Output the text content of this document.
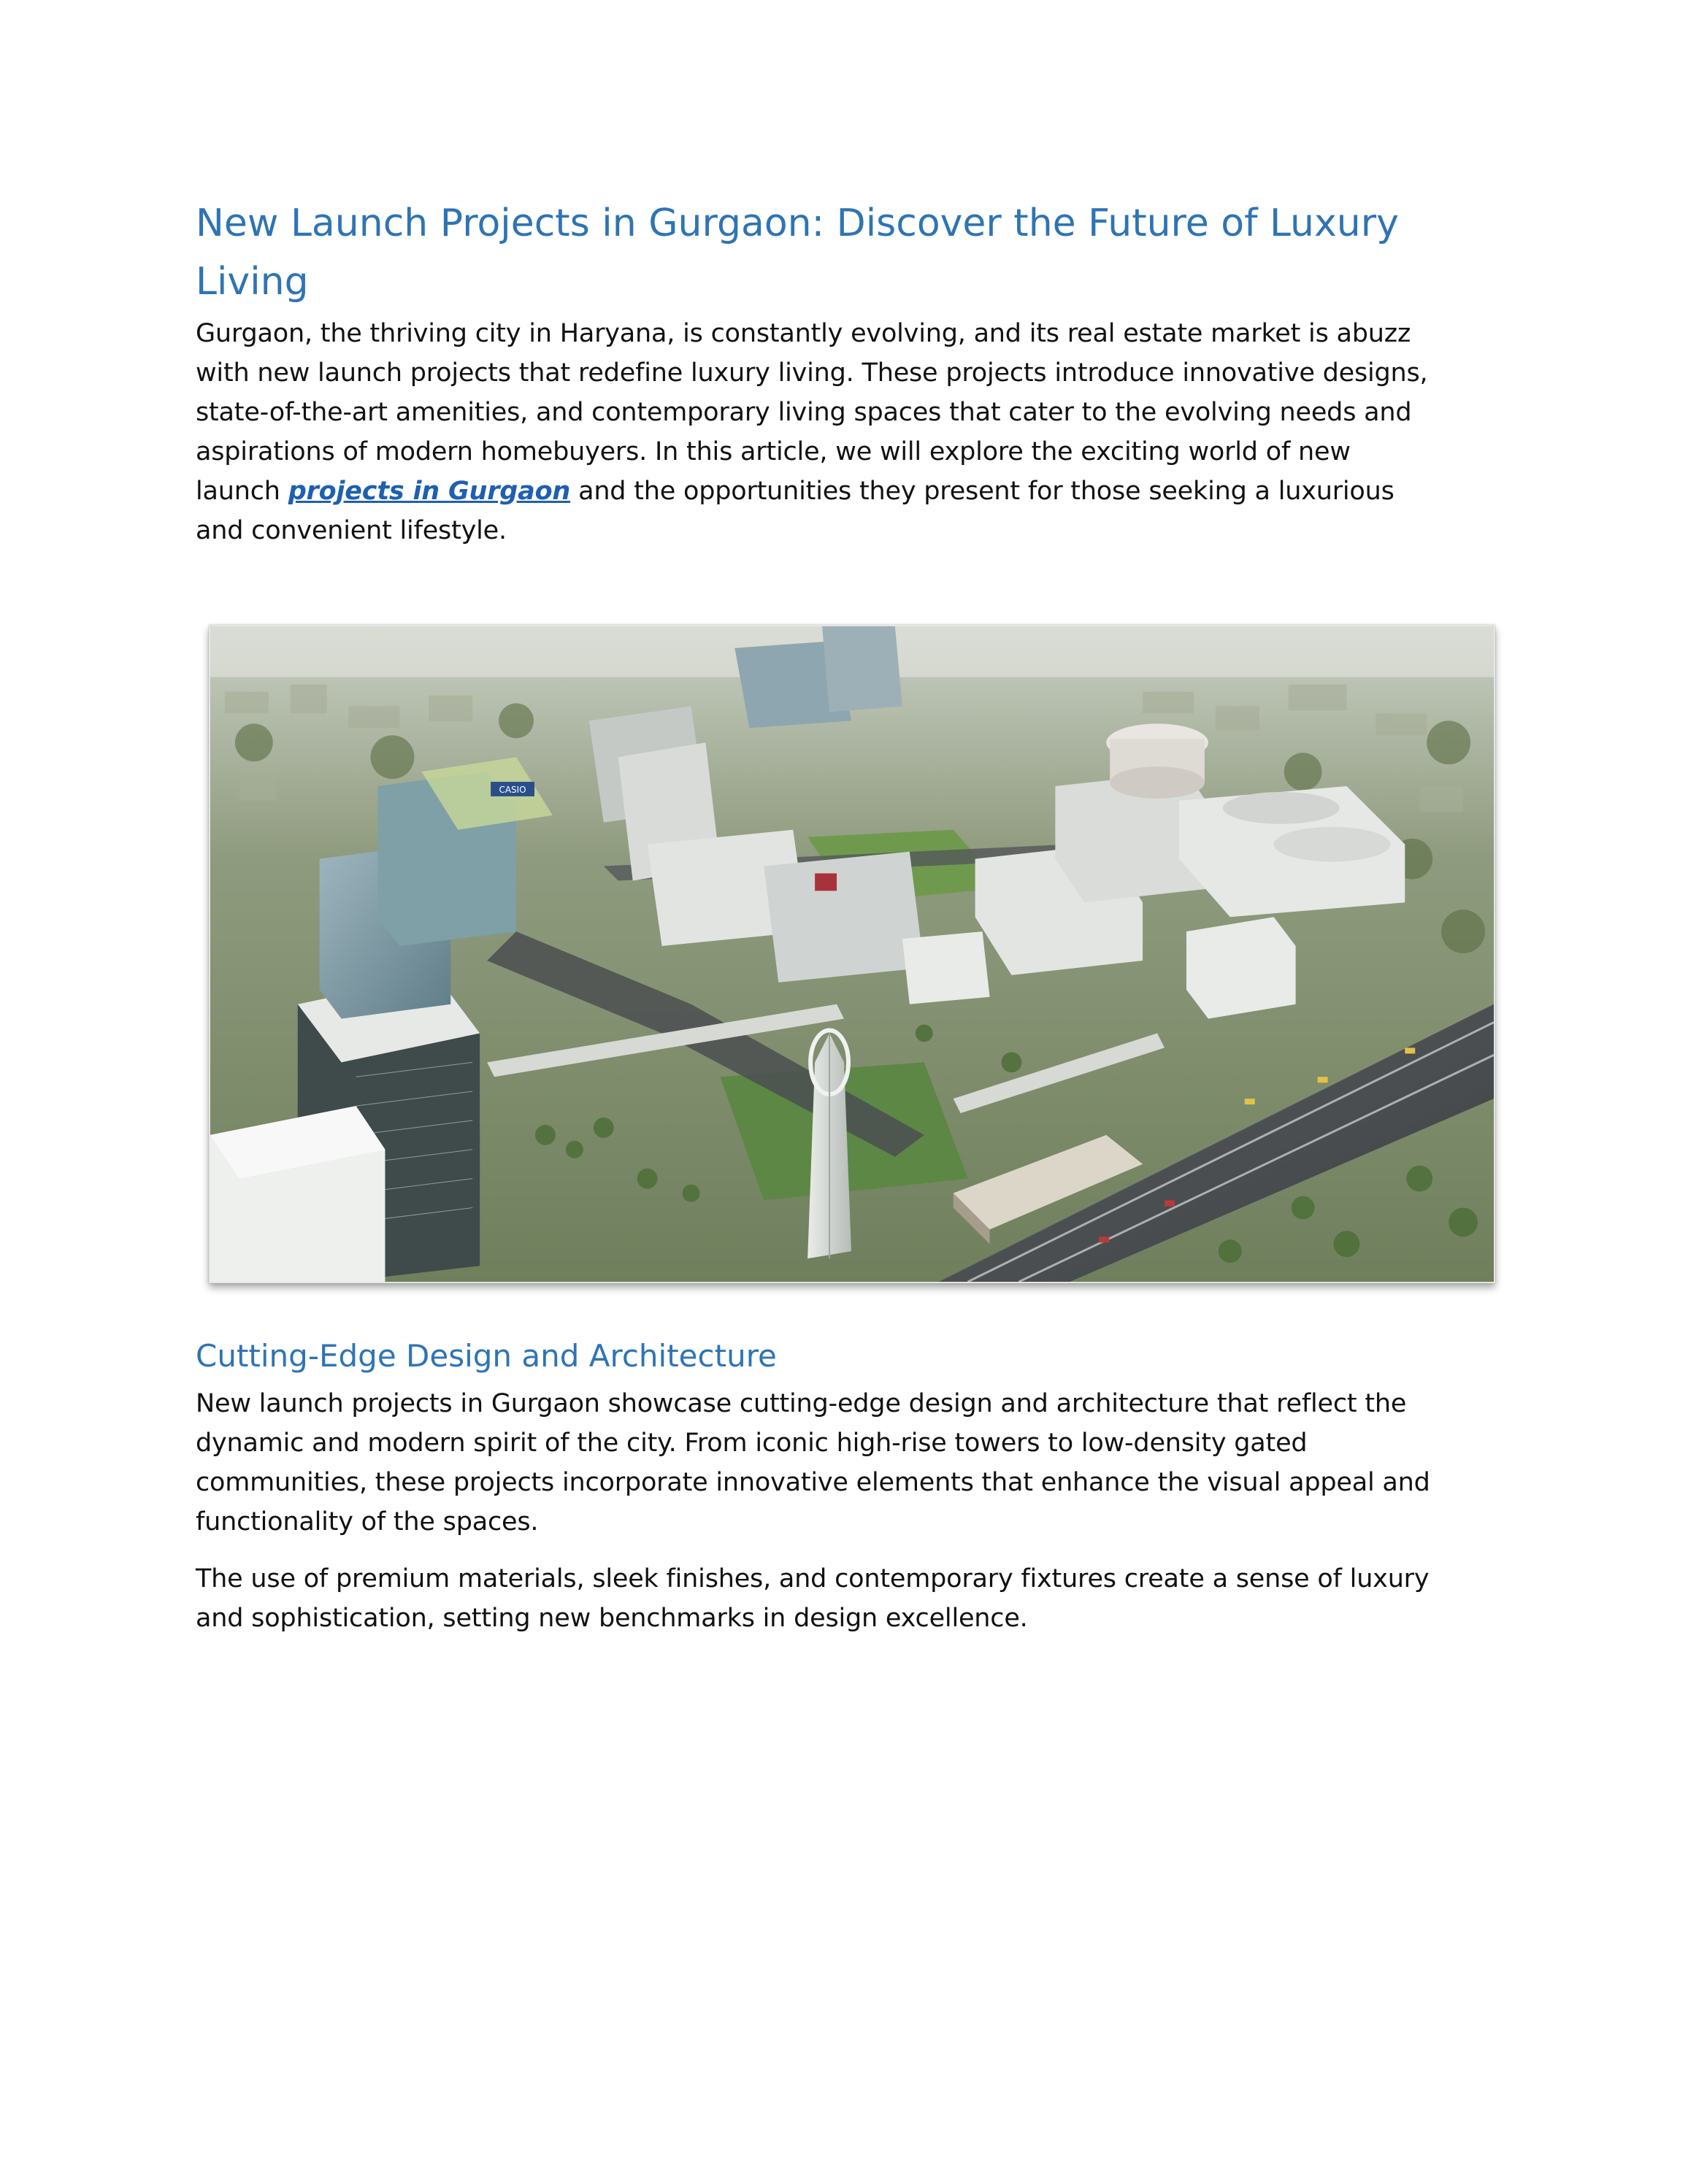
New Launch Projects in Gurgaon: Discover the Future of Luxury Living

Gurgaon, the thriving city in Haryana, is constantly evolving, and its real estate market is abuzz with new launch projects that redefine luxury living. These projects introduce innovative designs, state-of-the-art amenities, and contemporary living spaces that cater to the evolving needs and aspirations of modern homebuyers. In this article, we will explore the exciting world of new launch projects in Gurgaon and the opportunities they present for those seeking a luxurious and convenient lifestyle.

CASIO
Cutting-Edge Design and Architecture

New launch projects in Gurgaon showcase cutting-edge design and architecture that reflect the dynamic and modern spirit of the city. From iconic high-rise towers to low-density gated communities, these projects incorporate innovative elements that enhance the visual appeal and functionality of the spaces.

The use of premium materials, sleek finishes, and contemporary fixtures create a sense of luxury and sophistication, setting new benchmarks in design excellence.
